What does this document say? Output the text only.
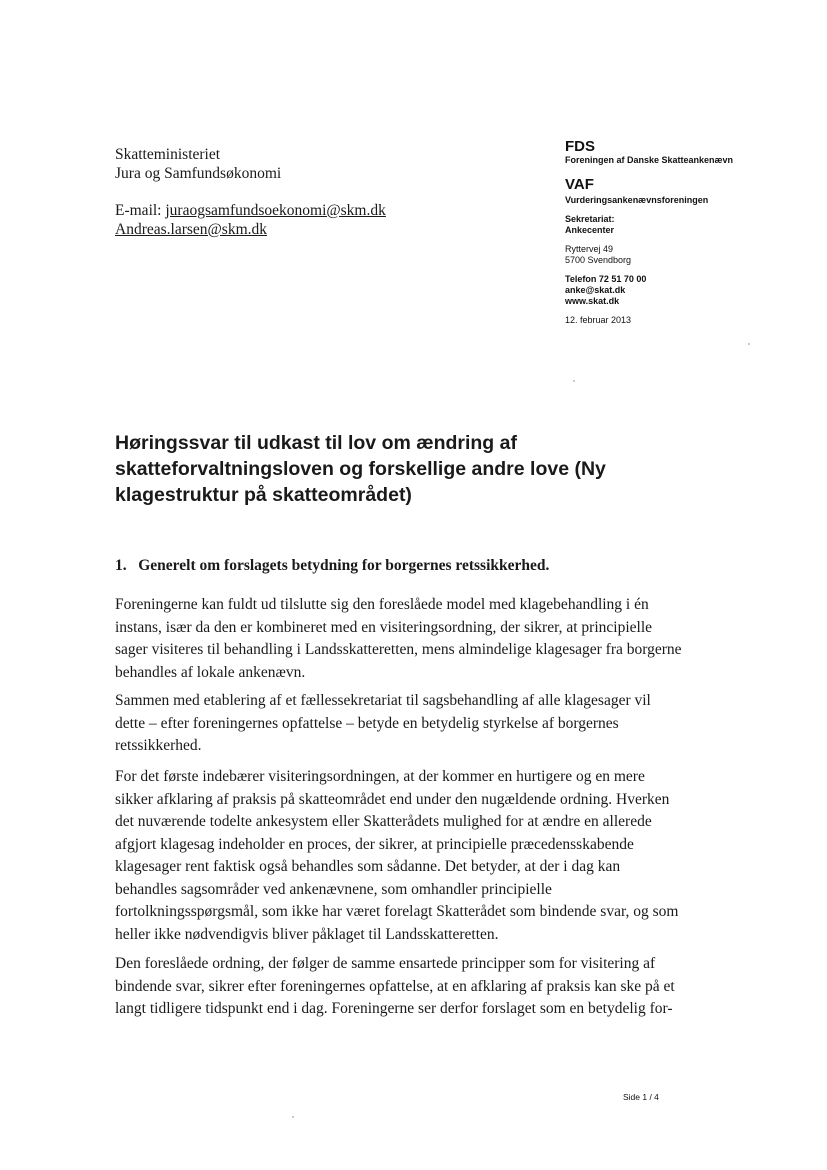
Skatteministeriet
Jura og Samfundsøkonomi
E-mail: juraogsamfundsoekonomi@skm.dk
Andreas.larsen@skm.dk
FDS
Foreningen af Danske Skatteankenævn
VAF
Vurderingsankenævnsforeningen
Sekretariat:
Ankecenter
Ryttervej 49
5700 Svendborg
Telefon 72 51 70 00
anke@skat.dk
www.skat.dk
12. februar 2013
Høringssvar til udkast til lov om ændring af skatteforvaltningsloven og forskellige andre love (Ny klagestruktur på skatteområdet)
1.   Generelt om forslagets betydning for borgernes retssikkerhed.

Foreningerne kan fuldt ud tilslutte sig den foreslåede model med klagebehandling i én instans, især da den er kombineret med en visiteringsordning, der sikrer, at principielle sager visiteres til behandling i Landsskatteretten, mens almindelige klagesager fra borgerne behandles af lokale ankenævn.

Sammen med etablering af et fællessekretariat til sagsbehandling af alle klagesager vil dette – efter foreningernes opfattelse – betyde en betydelig styrkelse af borgernes retssikkerhed.

For det første indebærer visiteringsordningen, at der kommer en hurtigere og en mere sikker afklaring af praksis på skatteområdet end under den nugældende ordning. Hverken det nuværende todelte ankesystem eller Skatterådets mulighed for at ændre en allerede afgjort klagesag indeholder en proces, der sikrer, at principielle præcedensskabende klagesager rent faktisk også behandles som sådanne. Det betyder, at der i dag kan behandles sagsområder ved ankenævnene, som omhandler principielle fortolkningsspørgsmål, som ikke har været forelagt Skatterådet som bindende svar, og som heller ikke nødvendigvis bliver påklaget til Landsskatteretten.

Den foreslåede ordning, der følger de samme ensartede principper som for visitering af bindende svar, sikrer efter foreningernes opfattelse, at en afklaring af praksis kan ske på et langt tidligere tidspunkt end i dag. Foreningerne ser derfor forslaget som en betydelig for-

Side 1 / 4
